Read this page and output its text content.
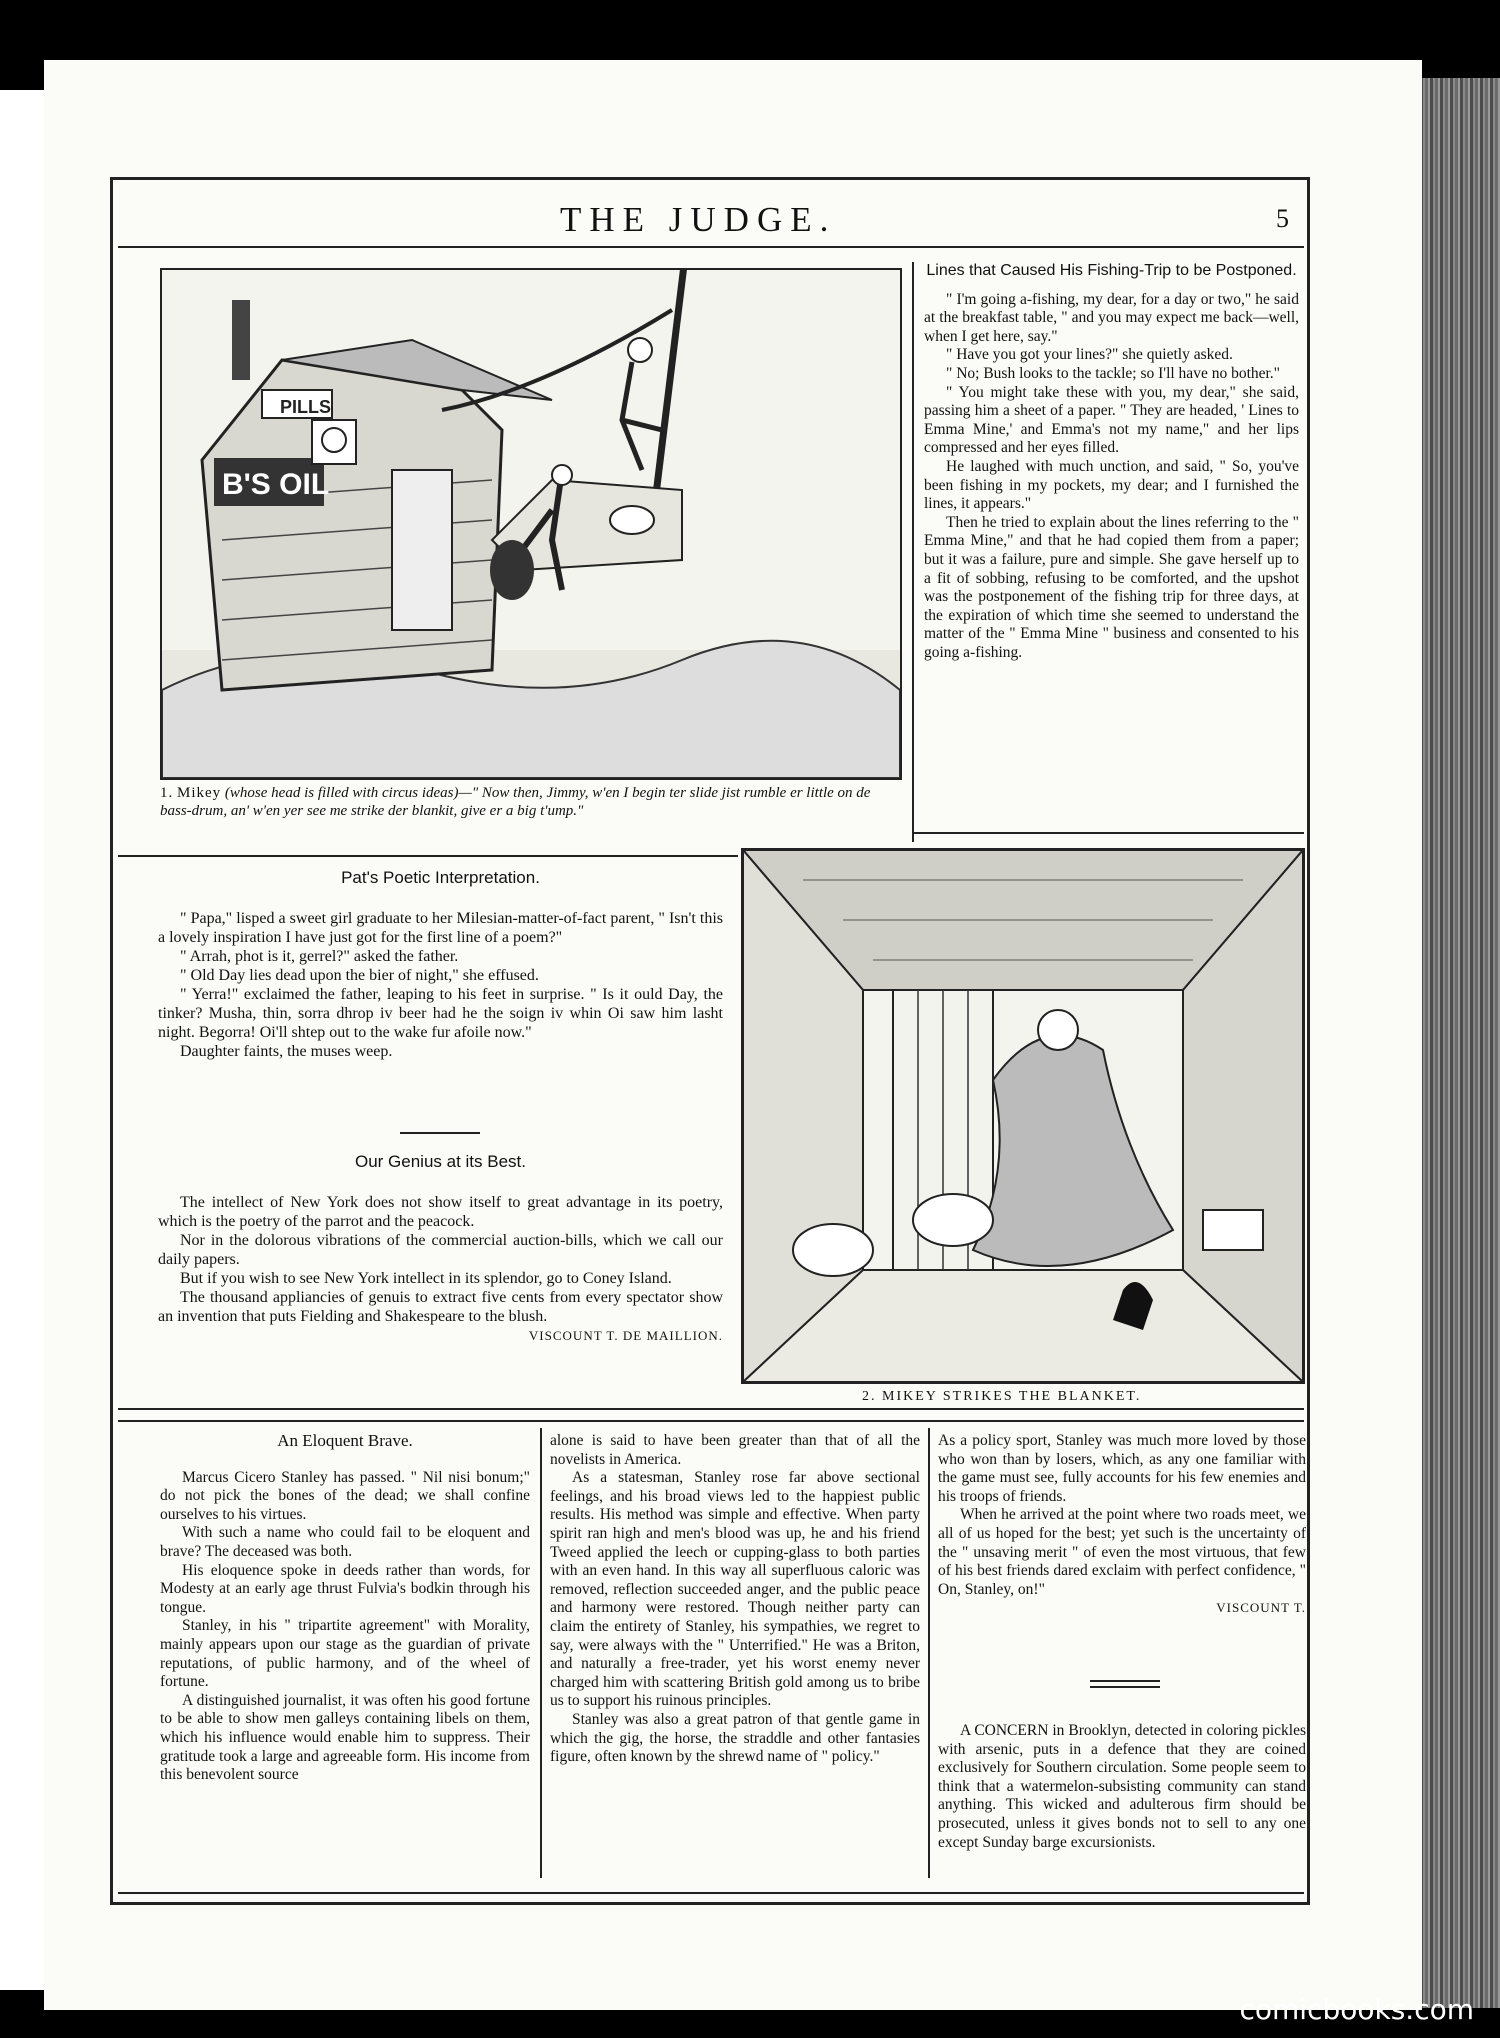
THE JUDGE.	5
PILLS
B'S OIL
1. Mikey (whose head is filled with circus ideas)—" Now then, Jimmy, w'en I begin ter slide jist rumble er little on de bass-drum, an' w'en yer see me strike der blankit, give er a big t'ump."

Lines that Caused His Fishing-Trip to be Postponed.

" I'm going a-fishing, my dear, for a day or two," he said at the breakfast table, " and you may expect me back—well, when I get here, say."

" Have you got your lines?" she quietly asked.

" No; Bush looks to the tackle; so I'll have no bother."

" You might take these with you, my dear," she said, passing him a sheet of a paper. " They are headed, ' Lines to Emma Mine,' and Emma's not my name," and her lips compressed and her eyes filled.

He laughed with much unction, and said, " So, you've been fishing in my pockets, my dear; and I furnished the lines, it appears."

Then he tried to explain about the lines referring to the " Emma Mine," and that he had copied them from a paper; but it was a failure, pure and simple. She gave herself up to a fit of sobbing, refusing to be comforted, and the upshot was the postponement of the fishing trip for three days, at the expiration of which time she seemed to understand the matter of the " Emma Mine " business and consented to his going a-fishing.

2. MIKEY STRIKES THE BLANKET.

Pat's Poetic Interpretation.

" Papa," lisped a sweet girl graduate to her Milesian-matter-of-fact parent, " Isn't this a lovely inspiration I have just got for the first line of a poem?"

" Arrah, phot is it, gerrel?" asked the father.

" Old Day lies dead upon the bier of night," she effused.

" Yerra!" exclaimed the father, leaping to his feet in surprise. " Is it ould Day, the tinker? Musha, thin, sorra dhrop iv beer had he the soign iv whin Oi saw him lasht night. Begorra! Oi'll shtep out to the wake fur afoile now."

Daughter faints, the muses weep.

Our Genius at its Best.

The intellect of New York does not show itself to great advantage in its poetry, which is the poetry of the parrot and the peacock.

Nor in the dolorous vibrations of the commercial auction-bills, which we call our daily papers.

But if you wish to see New York intellect in its splendor, go to Coney Island.

The thousand appliancies of genuis to extract five cents from every spectator show an invention that puts Fielding and Shakespeare to the blush.

VISCOUNT T. DE MAILLION.

An Eloquent Brave.

Marcus Cicero Stanley has passed. " Nil nisi bonum;" do not pick the bones of the dead; we shall confine ourselves to his virtues.

With such a name who could fail to be eloquent and brave? The deceased was both.

His eloquence spoke in deeds rather than words, for Modesty at an early age thrust Fulvia's bodkin through his tongue.

Stanley, in his " tripartite agreement" with Morality, mainly appears upon our stage as the guardian of private reputations, of public harmony, and of the wheel of fortune.

A distinguished journalist, it was often his good fortune to be able to show men galleys containing libels on them, which his influence would enable him to suppress. Their gratitude took a large and agreeable form. His income from this benevolent source

alone is said to have been greater than that of all the novelists in America.

As a statesman, Stanley rose far above sectional feelings, and his broad views led to the happiest public results. His method was simple and effective. When party spirit ran high and men's blood was up, he and his friend Tweed applied the leech or cupping-glass to both parties with an even hand. In this way all superfluous caloric was removed, reflection succeeded anger, and the public peace and harmony were restored. Though neither party can claim the entirety of Stanley, his sympathies, we regret to say, were always with the " Unterrified." He was a Briton, and naturally a free-trader, yet his worst enemy never charged him with scattering British gold among us to bribe us to support his ruinous principles.

Stanley was also a great patron of that gentle game in which the gig, the horse, the straddle and other fantasies figure, often known by the shrewd name of " policy."

As a policy sport, Stanley was much more loved by those who won than by losers, which, as any one familiar with the game must see, fully accounts for his few enemies and his troops of friends.

When he arrived at the point where two roads meet, we all of us hoped for the best; yet such is the uncertainty of the " unsaving merit " of even the most virtuous, that few of his best friends dared exclaim with perfect confidence, " On, Stanley, on!"

VISCOUNT T.

A CONCERN in Brooklyn, detected in coloring pickles with arsenic, puts in a defence that they are coined exclusively for Southern circulation. Some people seem to think that a watermelon-subsisting community can stand anything. This wicked and adulterous firm should be prosecuted, unless it gives bonds not to sell to any one except Sunday barge excursionists.

comicbooks.com
